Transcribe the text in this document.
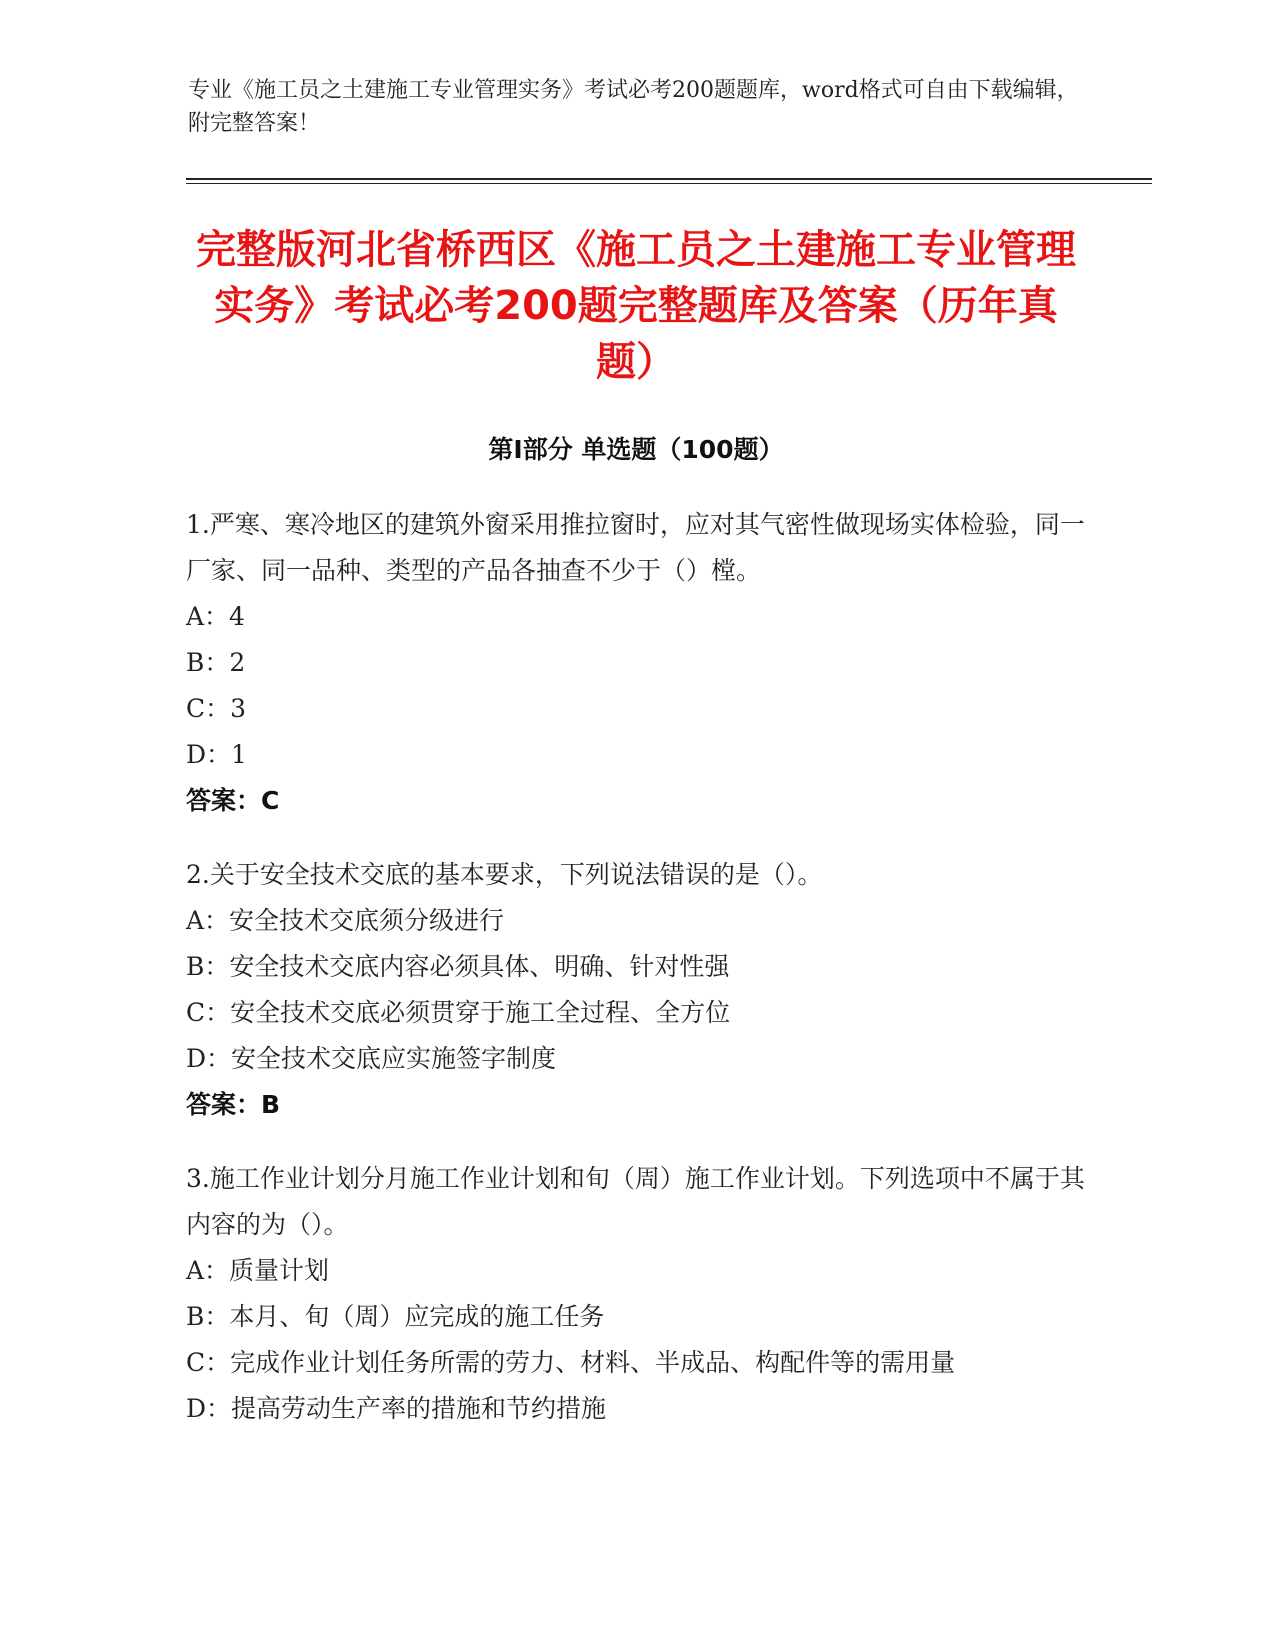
专业《施工员之土建施工专业管理实务》考试必考200题题库，word格式可自由下载编辑，附完整答案！
完整版河北省桥西区《施工员之土建施工专业管理实务》考试必考200题完整题库及答案（历年真题）
第I部分 单选题（100题）

1.严寒、寒冷地区的建筑外窗采用推拉窗时，应对其气密性做现场实体检验，同一厂家、同一品种、类型的产品各抽查不少于（）樘。

A：4

B：2

C：3

D：1

答案：C

2.关于安全技术交底的基本要求，下列说法错误的是（）。

A：安全技术交底须分级进行

B：安全技术交底内容必须具体、明确、针对性强

C：安全技术交底必须贯穿于施工全过程、全方位

D：安全技术交底应实施签字制度

答案：B

3.施工作业计划分月施工作业计划和旬（周）施工作业计划。下列选项中不属于其内容的为（）。

A：质量计划

B：本月、旬（周）应完成的施工任务

C：完成作业计划任务所需的劳力、材料、半成品、构配件等的需用量

D：提高劳动生产率的措施和节约措施
